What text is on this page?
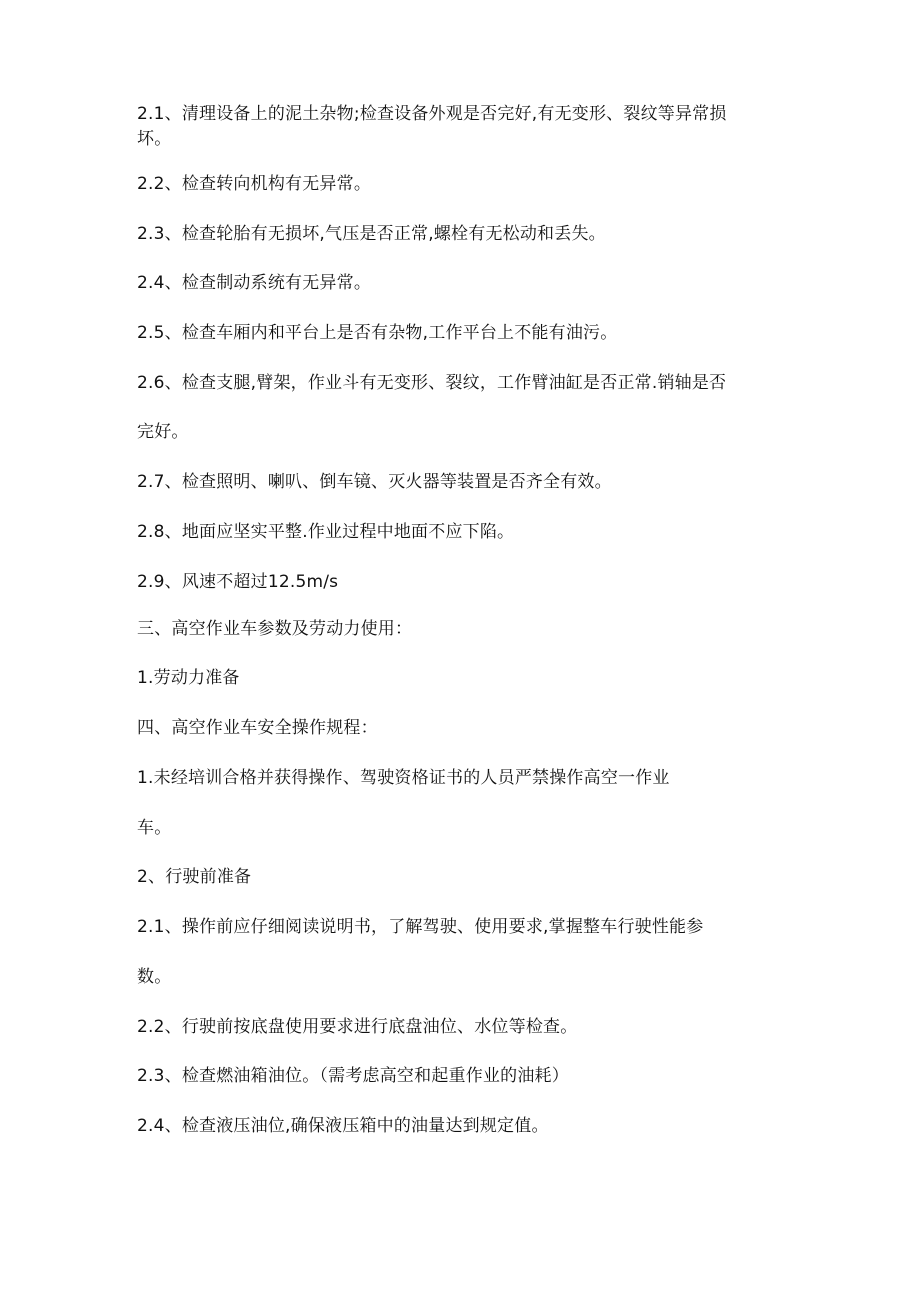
2.1、清理设备上的泥土杂物;检查设备外观是否完好,有无变形、裂纹等异常损
坏。
2.2、检查转向机构有无异常。
2.3、检查轮胎有无损坏,气压是否正常,螺栓有无松动和丢失。
2.4、检查制动系统有无异常。
2.5、检查车厢内和平台上是否有杂物,工作平台上不能有油污。
2.6、检查支腿,臂架，作业斗有无变形、裂纹，工作臂油缸是否正常.销轴是否
完好。
2.7、检查照明、喇叭、倒车镜、灭火器等装置是否齐全有效。
2.8、地面应坚实平整.作业过程中地面不应下陷。
2.9、风速不超过12.5m∕s
三、高空作业车参数及劳动力使用：
1.劳动力准备
四、高空作业车安全操作规程：
1.未经培训合格并获得操作、驾驶资格证书的人员严禁操作高空一作业
车。
2、行驶前准备
2.1、操作前应仔细阅读说明书，了解驾驶、使用要求,掌握整车行驶性能参
数。
2.2、行驶前按底盘使用要求进行底盘油位、水位等检查。
2.3、检查燃油箱油位。（需考虑高空和起重作业的油耗）
2.4、检查液压油位,确保液压箱中的油量达到规定值。
